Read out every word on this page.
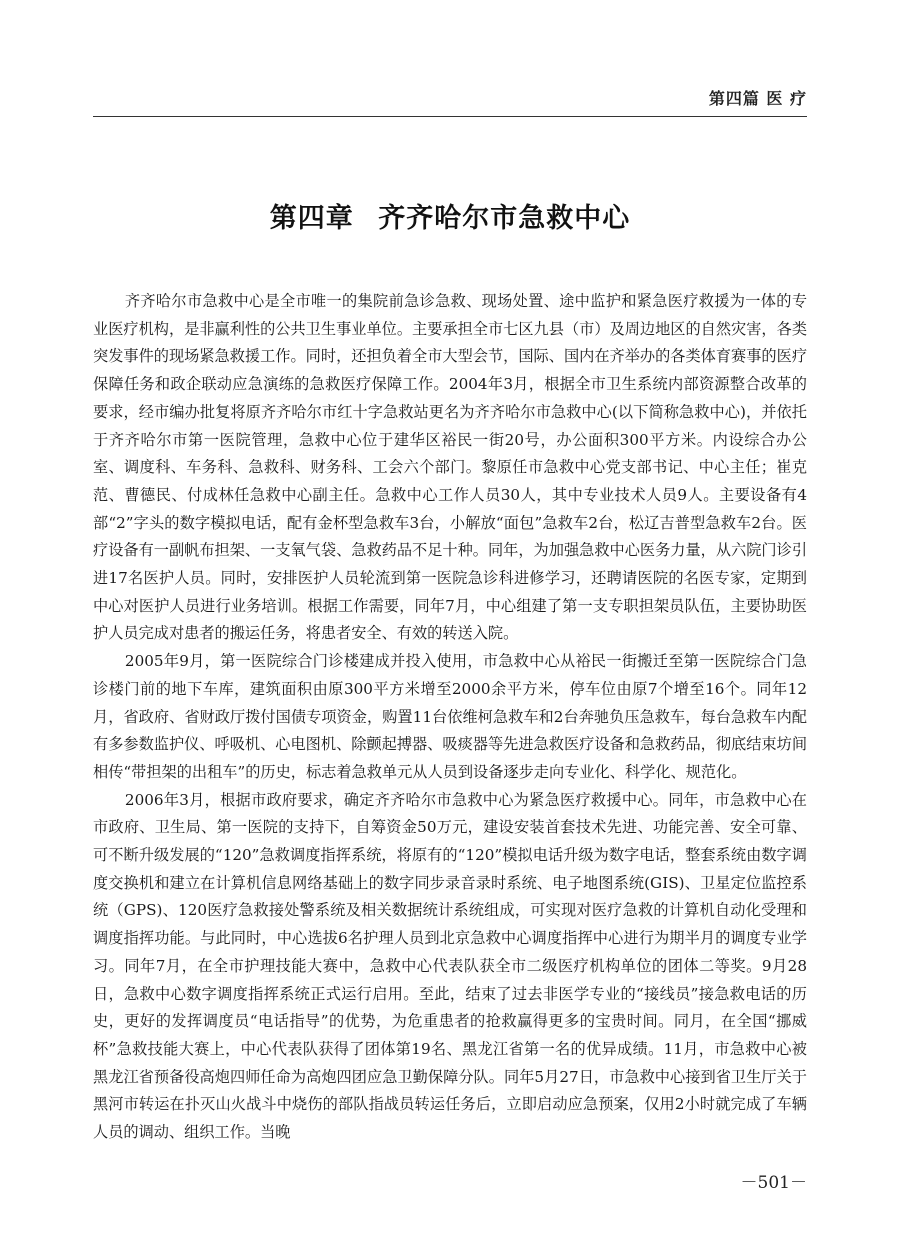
第四篇 医 疗
第四章 齐齐哈尔市急救中心

齐齐哈尔市急救中心是全市唯一的集院前急诊急救、现场处置、途中监护和紧急医疗救援为一体的专业医疗机构，是非赢利性的公共卫生事业单位。主要承担全市七区九县（市）及周边地区的自然灾害，各类突发事件的现场紧急救援工作。同时，还担负着全市大型会节，国际、国内在齐举办的各类体育赛事的医疗保障任务和政企联动应急演练的急救医疗保障工作。2004年3月，根据全市卫生系统内部资源整合改革的要求，经市编办批复将原齐齐哈尔市红十字急救站更名为齐齐哈尔市急救中心(以下简称急救中心)，并依托于齐齐哈尔市第一医院管理，急救中心位于建华区裕民一街20号，办公面积300平方米。内设综合办公室、调度科、车务科、急救科、财务科、工会六个部门。黎原任市急救中心党支部书记、中心主任；崔克范、曹德民、付成林任急救中心副主任。急救中心工作人员30人，其中专业技术人员9人。主要设备有4部“2”字头的数字模拟电话，配有金杯型急救车3台，小解放“面包”急救车2台，松辽吉普型急救车2台。医疗设备有一副帆布担架、一支氧气袋、急救药品不足十种。同年，为加强急救中心医务力量，从六院门诊引进17名医护人员。同时，安排医护人员轮流到第一医院急诊科进修学习，还聘请医院的名医专家，定期到中心对医护人员进行业务培训。根据工作需要，同年7月，中心组建了第一支专职担架员队伍，主要协助医护人员完成对患者的搬运任务，将患者安全、有效的转送入院。

2005年9月，第一医院综合门诊楼建成并投入使用，市急救中心从裕民一街搬迁至第一医院综合门急诊楼门前的地下车库，建筑面积由原300平方米增至2000余平方米，停车位由原7个增至16个。同年12月，省政府、省财政厅拨付国债专项资金，购置11台依维柯急救车和2台奔驰负压急救车，每台急救车内配有多参数监护仪、呼吸机、心电图机、除颤起搏器、吸痰器等先进急救医疗设备和急救药品，彻底结束坊间相传“带担架的出租车”的历史，标志着急救单元从人员到设备逐步走向专业化、科学化、规范化。

2006年3月，根据市政府要求，确定齐齐哈尔市急救中心为紧急医疗救援中心。同年，市急救中心在市政府、卫生局、第一医院的支持下，自筹资金50万元，建设安装首套技术先进、功能完善、安全可靠、可不断升级发展的“120”急救调度指挥系统，将原有的“120”模拟电话升级为数字电话，整套系统由数字调度交换机和建立在计算机信息网络基础上的数字同步录音录时系统、电子地图系统(GIS)、卫星定位监控系统（GPS)、120医疗急救接处警系统及相关数据统计系统组成，可实现对医疗急救的计算机自动化受理和调度指挥功能。与此同时，中心选拔6名护理人员到北京急救中心调度指挥中心进行为期半月的调度专业学习。同年7月，在全市护理技能大赛中，急救中心代表队获全市二级医疗机构单位的团体二等奖。9月28日，急救中心数字调度指挥系统正式运行启用。至此，结束了过去非医学专业的“接线员”接急救电话的历史，更好的发挥调度员“电话指导”的优势，为危重患者的抢救赢得更多的宝贵时间。同月，在全国“挪威杯”急救技能大赛上，中心代表队获得了团体第19名、黑龙江省第一名的优异成绩。11月，市急救中心被黑龙江省预备役高炮四师任命为高炮四团应急卫勤保障分队。同年5月27日，市急救中心接到省卫生厅关于黑河市转运在扑灭山火战斗中烧伤的部队指战员转运任务后，立即启动应急预案，仅用2小时就完成了车辆人员的调动、组织工作。当晚

－501－
